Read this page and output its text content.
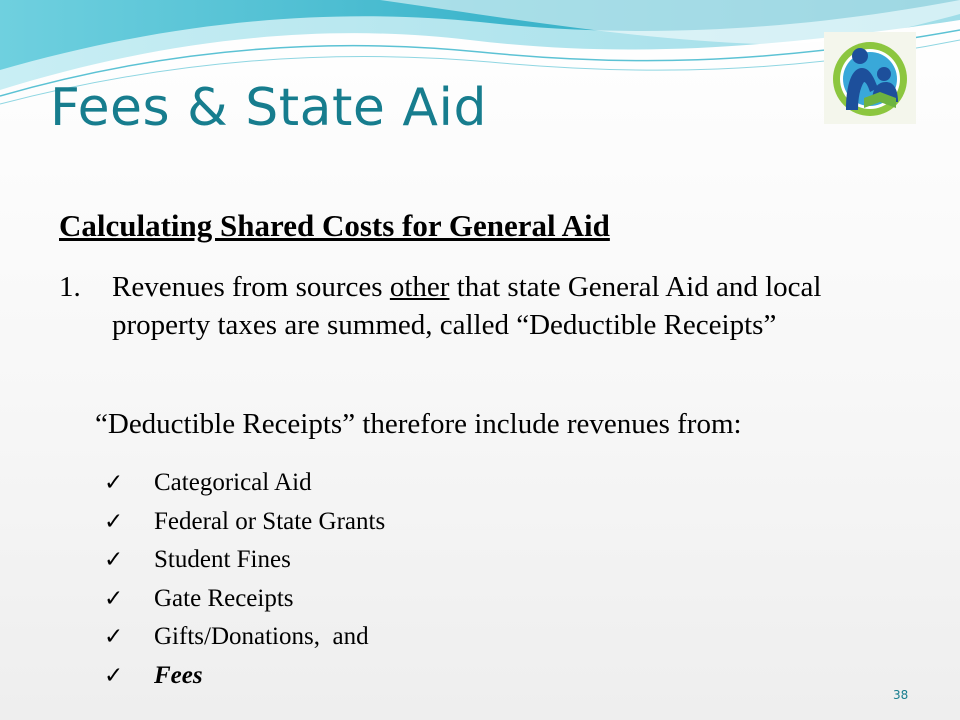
Fees & State Aid
Calculating Shared Costs for General Aid
1. Revenues from sources other that state General Aid and local property taxes are summed, called “Deductible Receipts”
“Deductible Receipts” therefore include revenues from:
✓ Categorical Aid
✓ Federal or State Grants
✓ Student Fines
✓ Gate Receipts
✓ Gifts/Donations,  and
✓ Fees
38
